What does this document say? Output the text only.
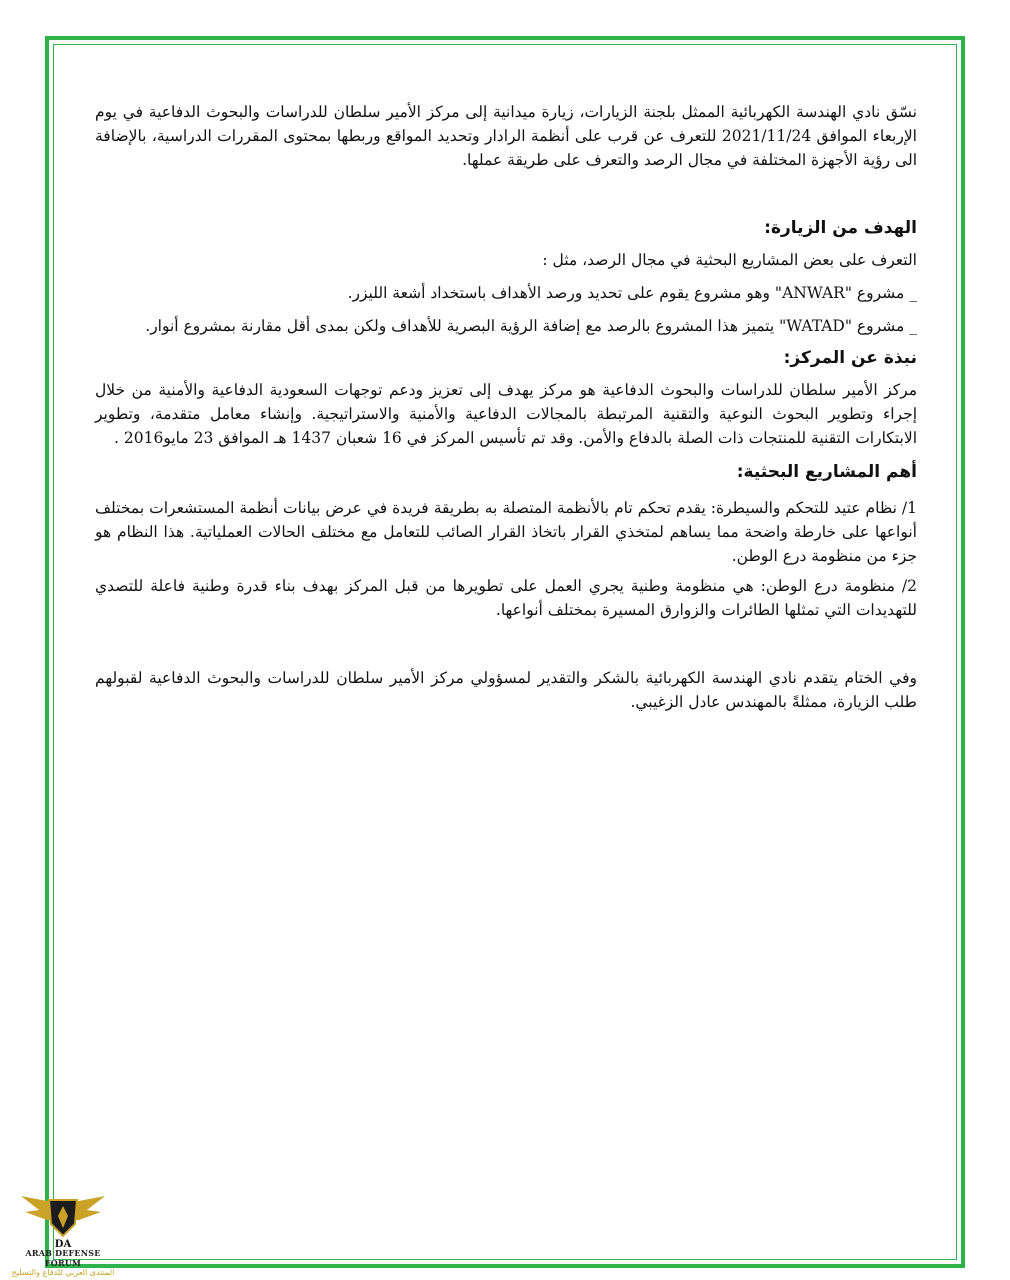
نسّق نادي الهندسة الكهربائية الممثل بلجنة الزيارات، زيارة ميدانية إلى مركز الأمير سلطان للدراسات والبحوث الدفاعية في يوم الإربعاء الموافق 2021/11/24 للتعرف عن قرب على أنظمة الرادار وتحديد المواقع وربطها بمحتوى المقررات الدراسية، بالإضافة الى رؤية الأجهزة المختلفة في مجال الرصد والتعرف على طريقة عملها.

الهدف من الزيارة:

التعرف على بعض المشاريع البحثية في مجال الرصد، مثل :

_ مشروع "ANWAR" وهو مشروع يقوم على تحديد ورصد الأهداف باستخداد أشعة الليزر.

_ مشروع "WATAD" يتميز هذا المشروع بالرصد مع إضافة الرؤية البصرية للأهداف ولكن بمدى أقل مقارنة بمشروع أنوار.

نبذة عن المركز:

مركز الأمير سلطان للدراسات والبحوث الدفاعية هو مركز يهدف إلى تعزيز ودعم توجهات السعودية الدفاعية والأمنية من خلال إجراء وتطوير البحوث النوعية والتقنية المرتبطة بالمجالات الدفاعية والأمنية والاستراتيجية. وإنشاء معامل متقدمة، وتطوير الابتكارات التقنية للمنتجات ذات الصلة بالدفاع والأمن. وقد تم تأسيس المركز في 16 شعبان 1437 هـ الموافق 23 مايو2016 .

أهم المشاريع البحثية:

1/ نظام عتيد للتحكم والسيطرة: يقدم تحكم تام بالأنظمة المتصلة به بطريقة فريدة في عرض بيانات أنظمة المستشعرات بمختلف أنواعها على خارطة واضحة مما يساهم لمتخذي القرار باتخاذ القرار الصائب للتعامل مع مختلف الحالات العملياتية. هذا النظام هو جزء من منظومة درع الوطن.

2/ منظومة درع الوطن: هي منظومة وطنية يجري العمل على تطويرها من قبل المركز بهدف بناء قدرة وطنية فاعلة للتصدي للتهديدات التي تمثلها الطائرات والزوارق المسيرة بمختلف أنواعها.

وفي الختام يتقدم نادي الهندسة الكهربائية بالشكر والتقدير لمسؤولي مركز الأمير سلطان للدراسات والبحوث الدفاعية لقبولهم طلب الزيارة، ممثلةً بالمهندس عادل الزغيبي.

DA
ARAB DEFENSE FORUM
المنتدى العربي للدفاع والتسليح
